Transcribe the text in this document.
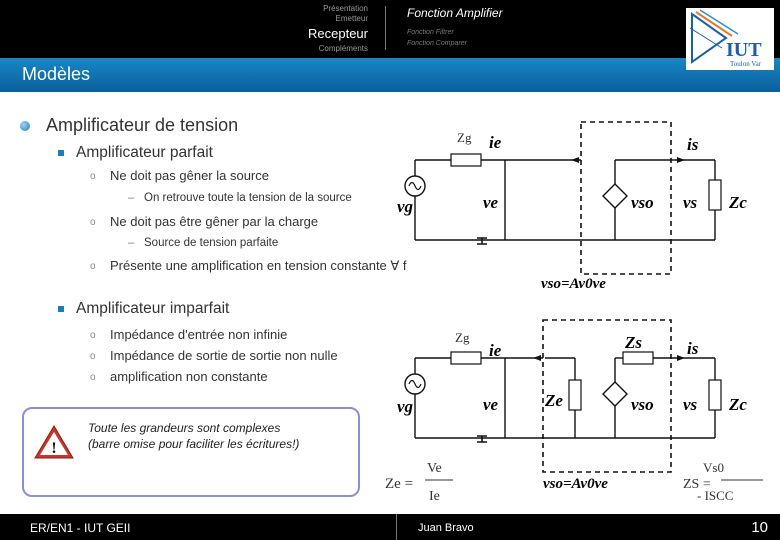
Présentation
Emetteur
Recepteur
Compléments
Fonction Amplifier
Fonction Filtrer
Fonction Comparer
Modèles
IUT
Toulon Var
Amplificateur de tension
Amplificateur parfait
o Ne doit pas gêner la source
– On retrouve toute la tension de la source
o Ne doit pas être gêner par la charge
– Source de tension parfaite
o Présente une amplification en tension constante ∀ f
Amplificateur imparfait
o Impédance d'entrée non infinie
o Impédance de sortie de sortie non nulle
o amplification non constante
!
Toute les grandeurs sont complexes (barre omise pour faciliter les écritures!)
Zg ie	is
vg	ve	vso vs Zc
vso=Av0ve
Zg
ie	Zs	is
vg	ve	Ze	vso vs Zc
vso=Av0ve
Ze =
Ve
Ie
ZS =
Vs0
- ISCC
ER/EN1 - IUT GEII	Juan Bravo	10
